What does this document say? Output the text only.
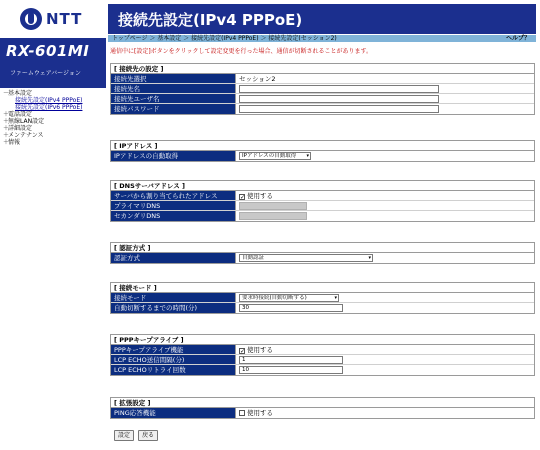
NTT
RX-601MI
ファームウェアバージョン
－基本設定
接続先設定(IPv4 PPPoE)
接続先設定(IPv6 PPPoE)
＋電話設定
＋無線LAN設定
＋詳細設定
＋メンテナンス
＋情報
接続先設定(IPv4 PPPoE)
トップページ ＞ 基本設定 ＞ 接続先設定(IPv4 PPPoE) ＞ 接続先設定(セッション2)	ヘルプ？
通信中に[設定]ボタンをクリックして設定変更を行った場合、通信が切断されることがあります。
[ 接続先の設定 ]
接続先選択	セッション2
接続先名
接続先ユーザ名
接続パスワード
[ IPアドレス ]
IPアドレスの自動取得	IPアドレスの自動取得 ▾
[ DNSサーバアドレス ]
サーバから割り当てられたアドレス	✓ 使用する
プライマリDNS
セカンダリDNS
[ 認証方式 ]
認証方式	自動認証	▾
[ 接続モード ]
接続モード	要求時接続(自動切断する)	▾
自動切断するまでの時間(分)	30
[ PPPキープアライブ ]
PPPキープアライブ機能	✓ 使用する
LCP ECHO送信間隔(分)	1
LCP ECHOリトライ回数	10
[ 拡張設定 ]
PING応答機能	使用する
設定	戻る
